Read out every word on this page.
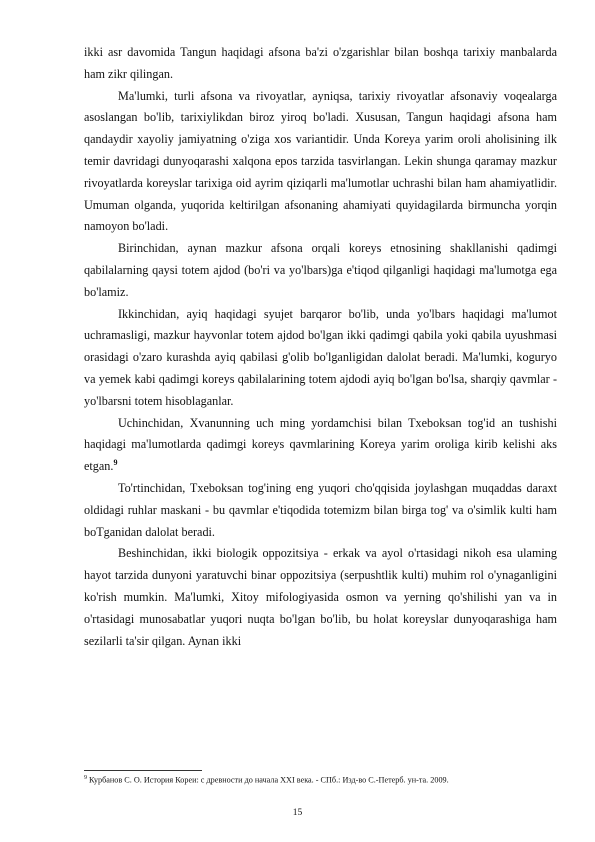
ikki asr davomida Tangun haqidagi afsona ba'zi o'zgarishlar bilan boshqa tarixiy manbalarda ham zikr qilingan.

Ma'lumki, turli afsona va rivoyatlar, ayniqsa, tarixiy rivoyatlar afsonaviy voqealarga asoslangan bo'lib, tarixiylikdan biroz yiroq bo'ladi. Xususan, Tangun haqidagi afsona ham qandaydir xayoliy jamiyatning o'ziga xos variantidir. Unda Koreya yarim oroli aholisining ilk temir davridagi dunyoqarashi xalqona epos tarzida tasvirlangan. Lekin shunga qaramay mazkur rivoyatlarda koreyslar tarixiga oid ayrim qiziqarli ma'lumotlar uchrashi bilan ham ahamiyatlidir. Umuman olganda, yuqorida keltirilgan afsonaning ahamiyati quyidagilarda birmuncha yorqin namoyon bo'ladi.

Birinchidan, aynan mazkur afsona orqali koreys etnosining shakllanishi qadimgi qabilalarning qaysi totem ajdod (bo'ri va yo'lbars)ga e'tiqod qilganligi haqidagi ma'lumotga ega bo'lamiz.

Ikkinchidan, ayiq haqidagi syujet barqaror bo'lib, unda yo'lbars haqidagi ma'lumot uchramasligi, mazkur hayvonlar totem ajdod bo'lgan ikki qadimgi qabila yoki qabila uyushmasi orasidagi o'zaro kurashda ayiq qabilasi g'olib bo'lganligidan dalolat beradi. Ma'lumki, koguryo va yemek kabi qadimgi koreys qabilalarining totem ajdodi ayiq bo'lgan bo'lsa, sharqiy qavmlar - yo'lbarsni totem hisoblaganlar.

Uchinchidan, Xvanunning uch ming yordamchisi bilan Txeboksan tog'id an tushishi haqidagi ma'lumotlarda qadimgi koreys qavmlarining Koreya yarim oroliga kirib kelishi aks etgan.$^9$

To'rtinchidan, Txeboksan tog'ining eng yuqori cho'qqisida joylashgan muqaddas daraxt oldidagi ruhlar maskani - bu qavmlar e'tiqodida totemizm bilan birga tog' va o'simlik kulti ham boTganidan dalolat beradi.

Beshinchidan, ikki biologik oppozitsiya - erkak va ayol o'rtasidagi nikoh esa ulaming hayot tarzida dunyoni yaratuvchi binar oppozitsiya (serpushtlik kulti) muhim rol o'ynaganligini ko'rish mumkin. Ma'lumki, Xitoy mifologiyasida osmon va yerning qo'shilishi yan va in o'rtasidagi munosabatlar yuqori nuqta bo'lgan bo'lib, bu holat koreyslar dunyoqarashiga ham sezilarli ta'sir qilgan. Aynan ikki

$^9$ Курбанов С. О. История Кореи: с древности до начала XXI века. - СПб.: Изд-во С.-Петерб. ун-та. 2009.
15
